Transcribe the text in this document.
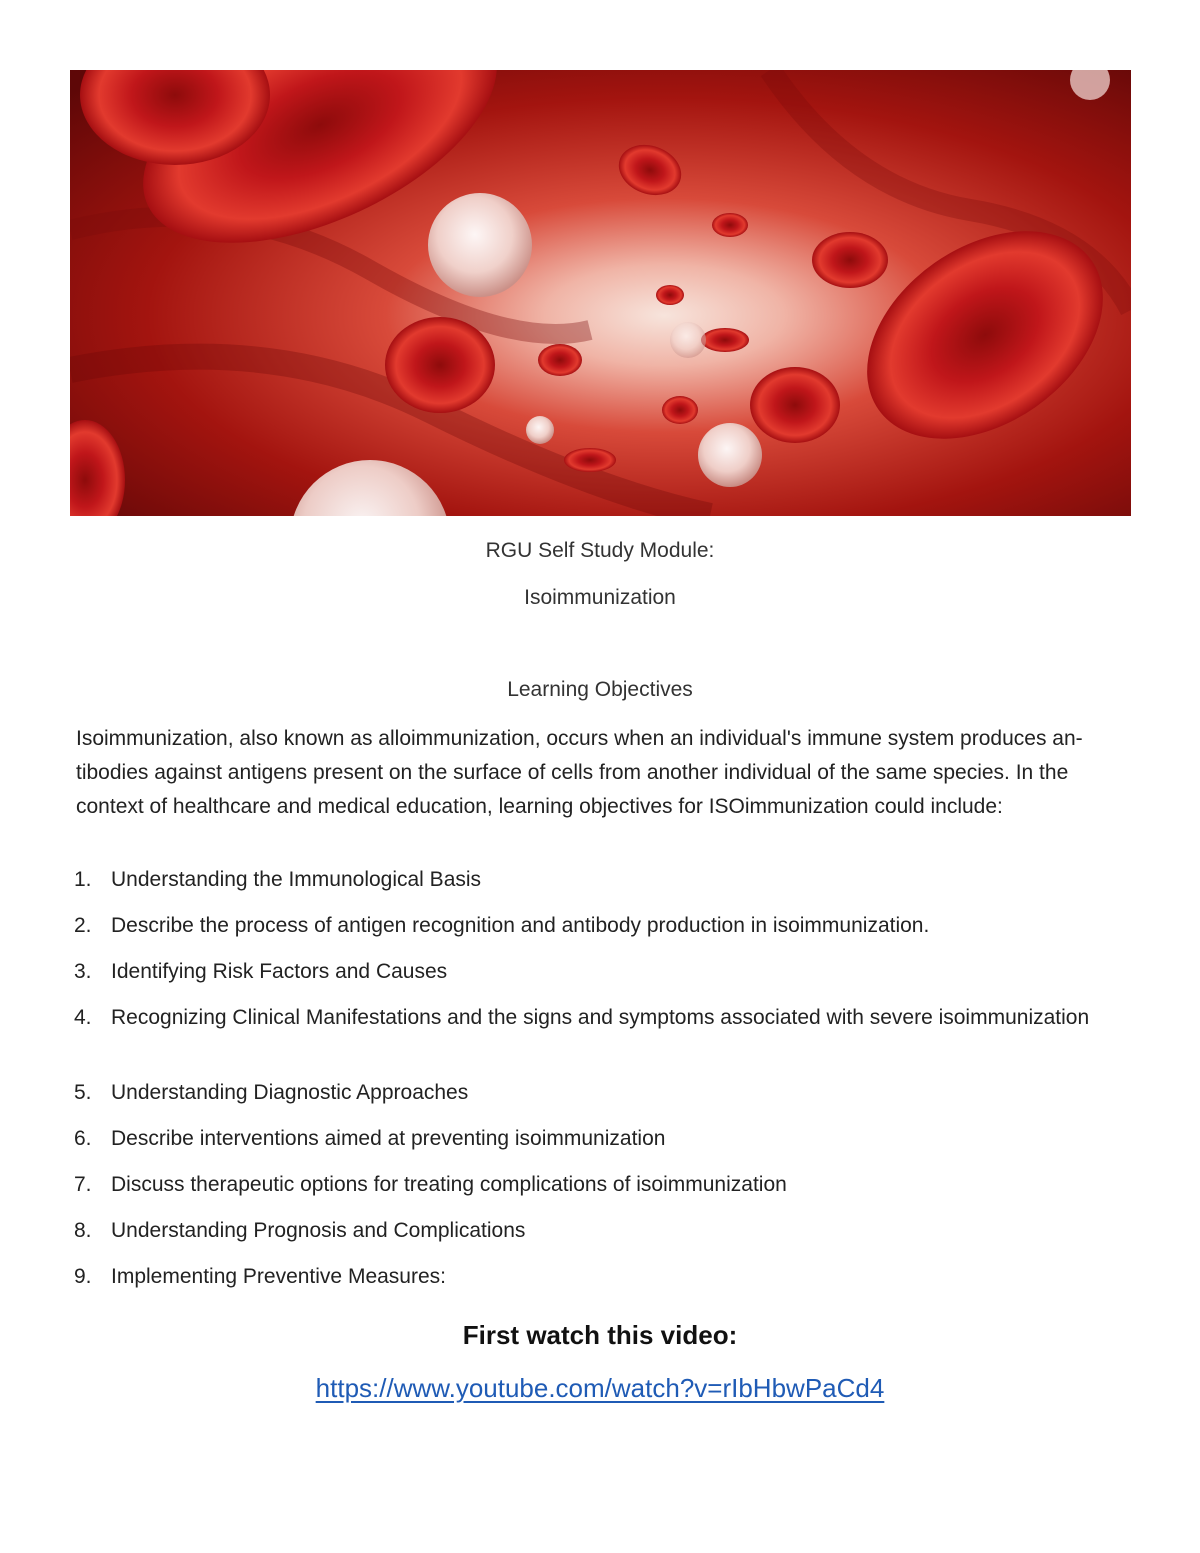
RGU Self Study Module:
Isoimmunization
Learning Objectives

Isoimmunization, also known as alloimmunization, occurs when an individual's immune system produces an-tibodies against antigens present on the surface of cells from another individual of the same species. In the context of healthcare and medical education, learning objectives for ISOimmunization could include:

1. Understanding the Immunological Basis
2. Describe the process of antigen recognition and antibody production in isoimmunization.
3. Identifying Risk Factors and Causes
4. Recognizing Clinical Manifestations and the signs and symptoms associated with severe isoimmunization
5. Understanding Diagnostic Approaches
6. Describe interventions aimed at preventing isoimmunization
7. Discuss therapeutic options for treating complications of isoimmunization
8. Understanding Prognosis and Complications
9. Implementing Preventive Measures:
First watch this video:
https://www.youtube.com/watch?v=rIbHbwPaCd4
